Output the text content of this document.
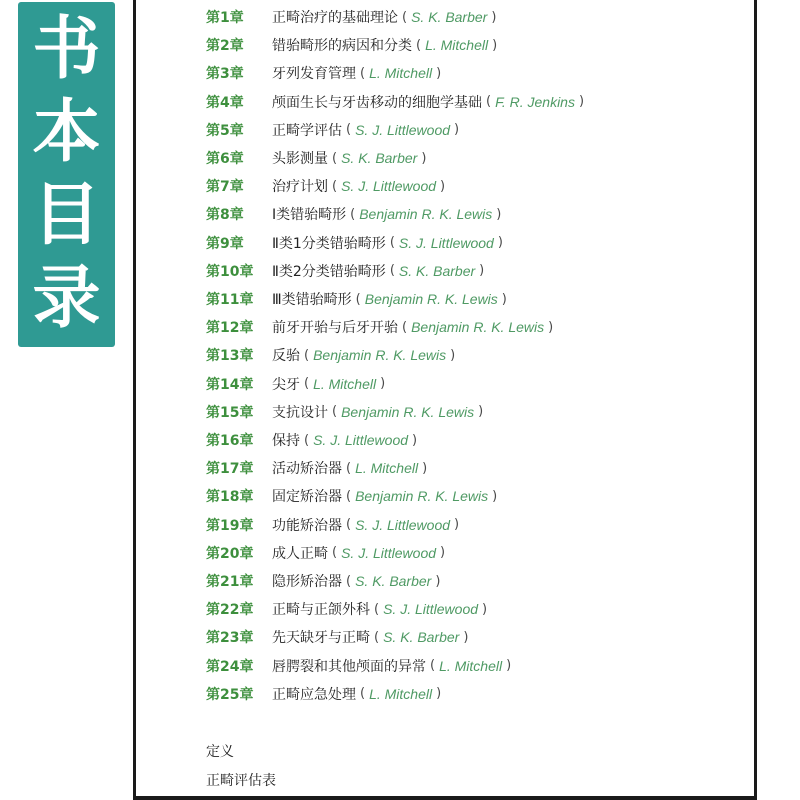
书
本
目
录
第1章	正畸治疗的基础理论 ( S. K. Barber )
第2章	错骀畸形的病因和分类 ( L. Mitchell )
第3章	牙列发育管理 ( L. Mitchell )
第4章	颅面生长与牙齿移动的细胞学基础 ( F. R. Jenkins )
第5章	正畸学评估 ( S. J. Littlewood )
第6章	头影测量 ( S. K. Barber )
第7章	治疗计划 ( S. J. Littlewood )
第8章	Ⅰ类错骀畸形 ( Benjamin R. K. Lewis )
第9章	Ⅱ类1分类错骀畸形 ( S. J. Littlewood )
第10章	Ⅱ类2分类错骀畸形 ( S. K. Barber )
第11章	Ⅲ类错骀畸形 ( Benjamin R. K. Lewis )
第12章	前牙开骀与后牙开骀 ( Benjamin R. K. Lewis )
第13章	反骀 ( Benjamin R. K. Lewis )
第14章	尖牙 ( L. Mitchell )
第15章	支抗设计 ( Benjamin R. K. Lewis )
第16章	保持 ( S. J. Littlewood )
第17章	活动矫治器 ( L. Mitchell )
第18章	固定矫治器 ( Benjamin R. K. Lewis )
第19章	功能矫治器 ( S. J. Littlewood )
第20章	成人正畸 ( S. J. Littlewood )
第21章	隐形矫治器 ( S. K. Barber )
第22章	正畸与正颌外科 ( S. J. Littlewood )
第23章	先天缺牙与正畸 ( S. K. Barber )
第24章	唇腭裂和其他颅面的异常 ( L. Mitchell )
第25章	正畸应急处理 ( L. Mitchell )
定义
正畸评估表
